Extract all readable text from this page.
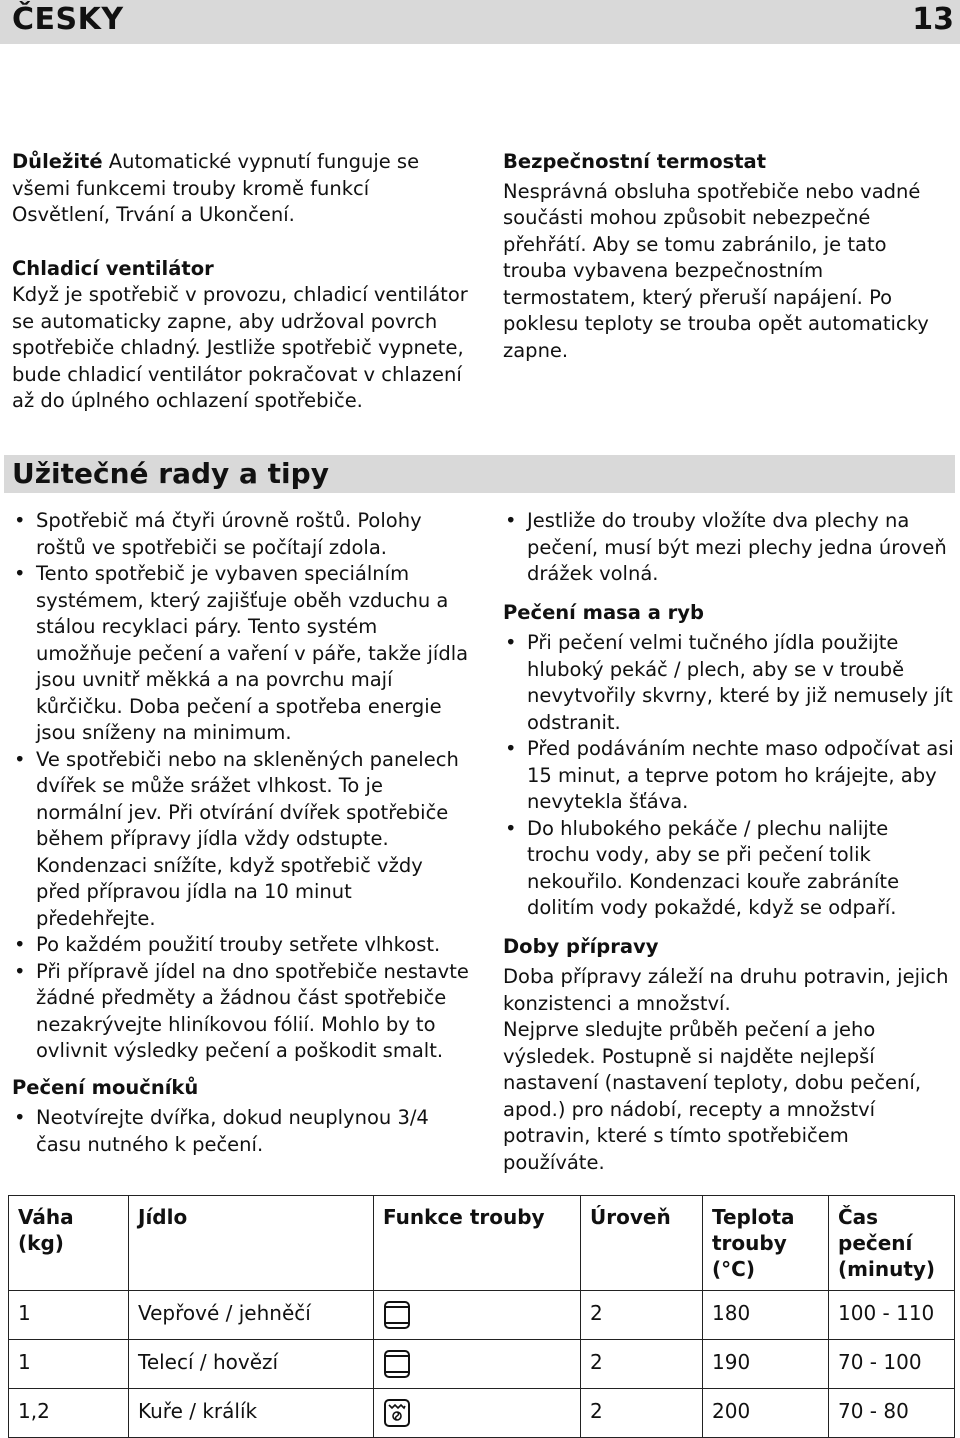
ČESKY	13

Důležité Automatické vypnutí funguje se všemi funkcemi trouby kromě funkcí Osvětlení, Trvání a Ukončení.

Chladicí ventilátor

Když je spotřebič v provozu, chladicí ventilátor se automaticky zapne, aby udržoval povrch spotřebiče chladný. Jestliže spotřebič vypnete, bude chladicí ventilátor pokračovat v chlazení až do úplného ochlazení spotřebiče.

Bezpečnostní termostat

Nesprávná obsluha spotřebiče nebo vadné součásti mohou způsobit nebezpečné přehřátí. Aby se tomu zabránilo, je tato trouba vybavena bezpečnostním termostatem, který přeruší napájení. Po poklesu teploty se trouba opět automaticky zapne.

Užitečné rady a tipy
• Spotřebič má čtyři úrovně roštů. Polohy roštů ve spotřebiči se počítají zdola.
• Tento spotřebič je vybaven speciálním systémem, který zajišťuje oběh vzduchu a stálou recyklaci páry. Tento systém umožňuje pečení a vaření v páře, takže jídla jsou uvnitř měkká a na povrchu mají kůrčičku. Doba pečení a spotřeba energie jsou sníženy na minimum.
• Ve spotřebiči nebo na skleněných panelech dvířek se může srážet vlhkost. To je normální jev. Při otvírání dvířek spotřebiče během přípravy jídla vždy odstupte. Kondenzaci snížíte, když spotřebič vždy před přípravou jídla na 10 minut předehřejte.
• Po každém použití trouby setřete vlhkost.
• Při přípravě jídel na dno spotřebiče nestavte žádné předměty a žádnou část spotřebiče nezakrývejte hliníkovou fólií. Mohlo by to ovlivnit výsledky pečení a poškodit smalt.

Pečení moučníků

• Neotvírejte dvířka, dokud neuplynou 3/4 času nutného k pečení.
• Jestliže do trouby vložíte dva plechy na pečení, musí být mezi plechy jedna úroveň drážek volná.

Pečení masa a ryb

• Při pečení velmi tučného jídla použijte hluboký pekáč / plech, aby se v troubě nevytvořily skvrny, které by již nemusely jít odstranit.
• Před podáváním nechte maso odpočívat asi 15 minut, a teprve potom ho krájejte, aby nevytekla šťáva.
• Do hlubokého pekáče / plechu nalijte trochu vody, aby se při pečení tolik nekouřilo. Kondenzaci kouře zabráníte dolitím vody pokaždé, když se odpaří.

Doby přípravy

Doba přípravy záleží na druhu potravin, jejich konzistenci a množství.

Nejprve sledujte průběh pečení a jeho výsledek. Postupně si najděte nejlepší nastavení (nastavení teploty, dobu pečení, apod.) pro nádobí, recepty a množství potravin, které s tímto spotřebičem používáte.

Váha (kg)	Jídlo	Funkce trouby	Úroveň	Teplota trouby (°C)	Čas pečení (minuty)
1	Vepřové / jehněčí		2	180	100 - 110
1	Telecí / hovězí		2	190	70 - 100
1,2	Kuře / králík		2	200	70 - 80
